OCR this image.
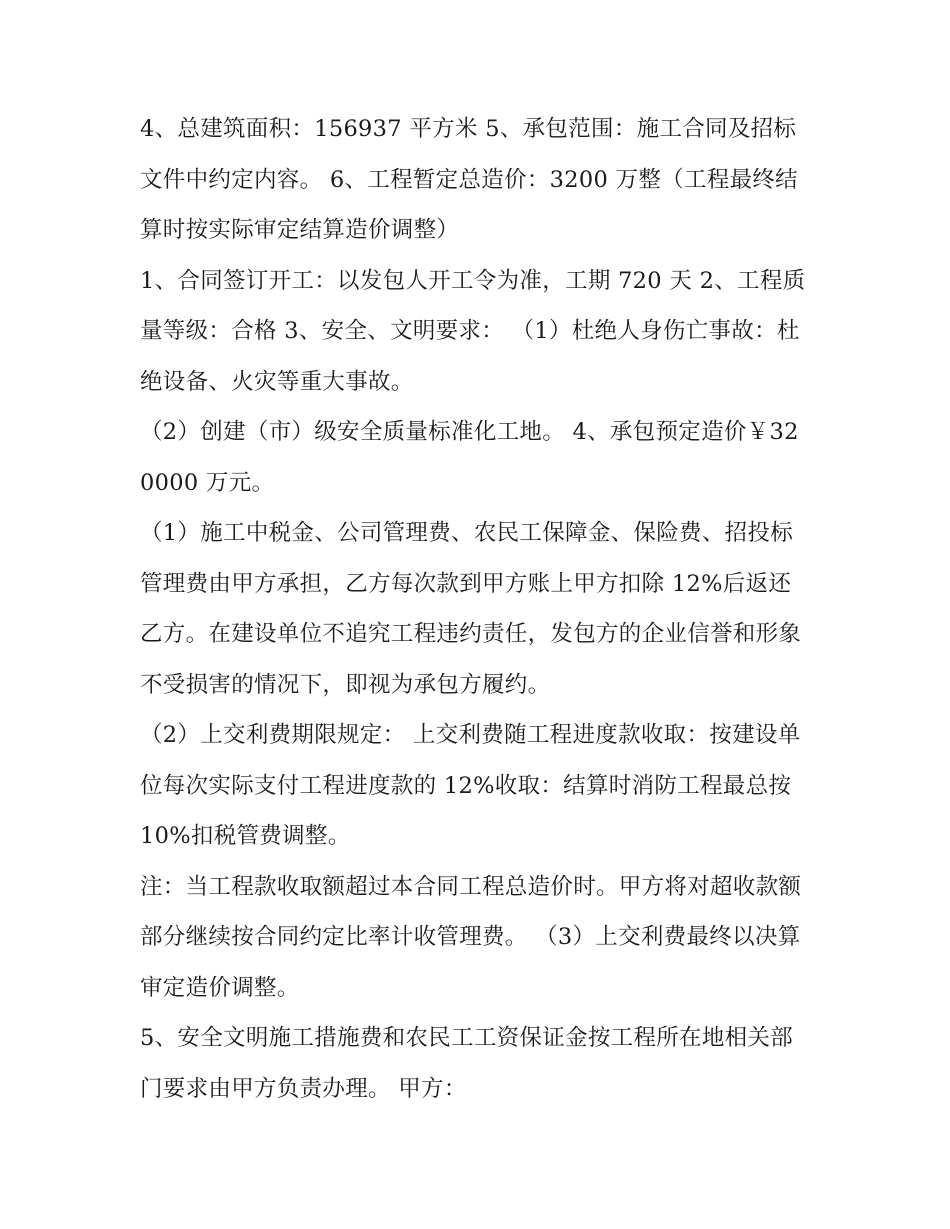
4、总建筑面积：156937 平方米 5、承包范围：施工合同及招标文件中约定内容。 6、工程暂定总造价：3200 万整（工程最终结算时按实际审定结算造价调整）

1、合同签订开工：以发包人开工令为准，工期 720 天 2、工程质量等级：合格 3、安全、文明要求： （1）杜绝人身伤亡事故：杜绝设备、火灾等重大事故。

（2）创建（市）级安全质量标准化工地。 4、承包预定造价￥320000 万元。

（1）施工中税金、公司管理费、农民工保障金、保险费、招投标管理费由甲方承担，乙方每次款到甲方账上甲方扣除 12%后返还乙方。在建设单位不追究工程违约责任，发包方的企业信誉和形象不受损害的情况下，即视为承包方履约。

（2）上交利费期限规定： 上交利费随工程进度款收取：按建设单位每次实际支付工程进度款的 12%收取：结算时消防工程最总按 10%扣税管费调整。

注：当工程款收取额超过本合同工程总造价时。甲方将对超收款额部分继续按合同约定比率计收管理费。 （3）上交利费最终以决算审定造价调整。

5、安全文明施工措施费和农民工工资保证金按工程所在地相关部门要求由甲方负责办理。 甲方：
